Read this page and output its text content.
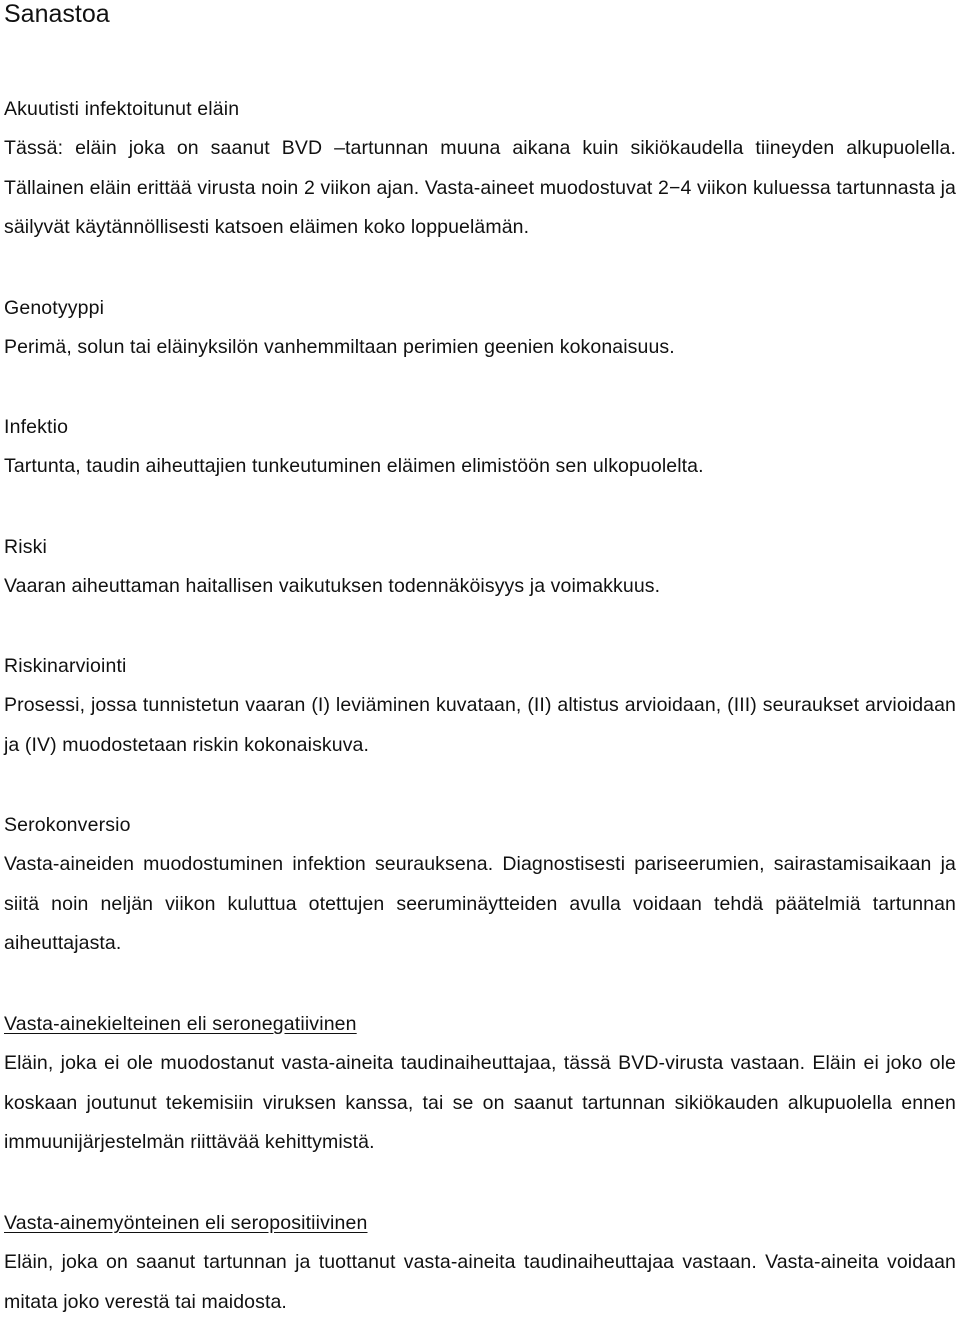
Sanastoa

Akuutisti infektoitunut eläin

Tässä: eläin joka on saanut BVD –tartunnan muuna aikana kuin sikiökaudella tiineyden alkupuolella. Tällainen eläin erittää virusta noin 2 viikon ajan. Vasta-aineet muodostuvat 2−4 viikon kuluessa tartunnasta ja säilyvät käytännöllisesti katsoen eläimen koko loppuelämän.

Genotyyppi

Perimä, solun tai eläinyksilön vanhemmiltaan perimien geenien kokonaisuus.

Infektio

Tartunta, taudin aiheuttajien tunkeutuminen eläimen elimistöön sen ulkopuolelta.

Riski

Vaaran aiheuttaman haitallisen vaikutuksen todennäköisyys ja voimakkuus.

Riskinarviointi

Prosessi, jossa tunnistetun vaaran (I) leviäminen kuvataan, (II) altistus arvioidaan, (III) seuraukset arvioidaan ja (IV) muodostetaan riskin kokonaiskuva.

Serokonversio

Vasta-aineiden muodostuminen infektion seurauksena. Diagnostisesti pariseerumien, sairastamisaikaan ja siitä noin neljän viikon kuluttua otettujen seeruminäytteiden avulla voidaan tehdä päätelmiä tartunnan aiheuttajasta.

Vasta-ainekielteinen eli seronegatiivinen

Eläin, joka ei ole muodostanut vasta-aineita taudinaiheuttajaa, tässä BVD-virusta vastaan. Eläin ei joko ole koskaan joutunut tekemisiin viruksen kanssa, tai se on saanut tartunnan sikiökauden alkupuolella ennen immuunijärjestelmän riittävää kehittymistä.

Vasta-ainemyönteinen eli seropositiivinen

Eläin, joka on saanut tartunnan ja tuottanut vasta-aineita taudinaiheuttajaa vastaan. Vasta-aineita voidaan mitata joko verestä tai maidosta.
